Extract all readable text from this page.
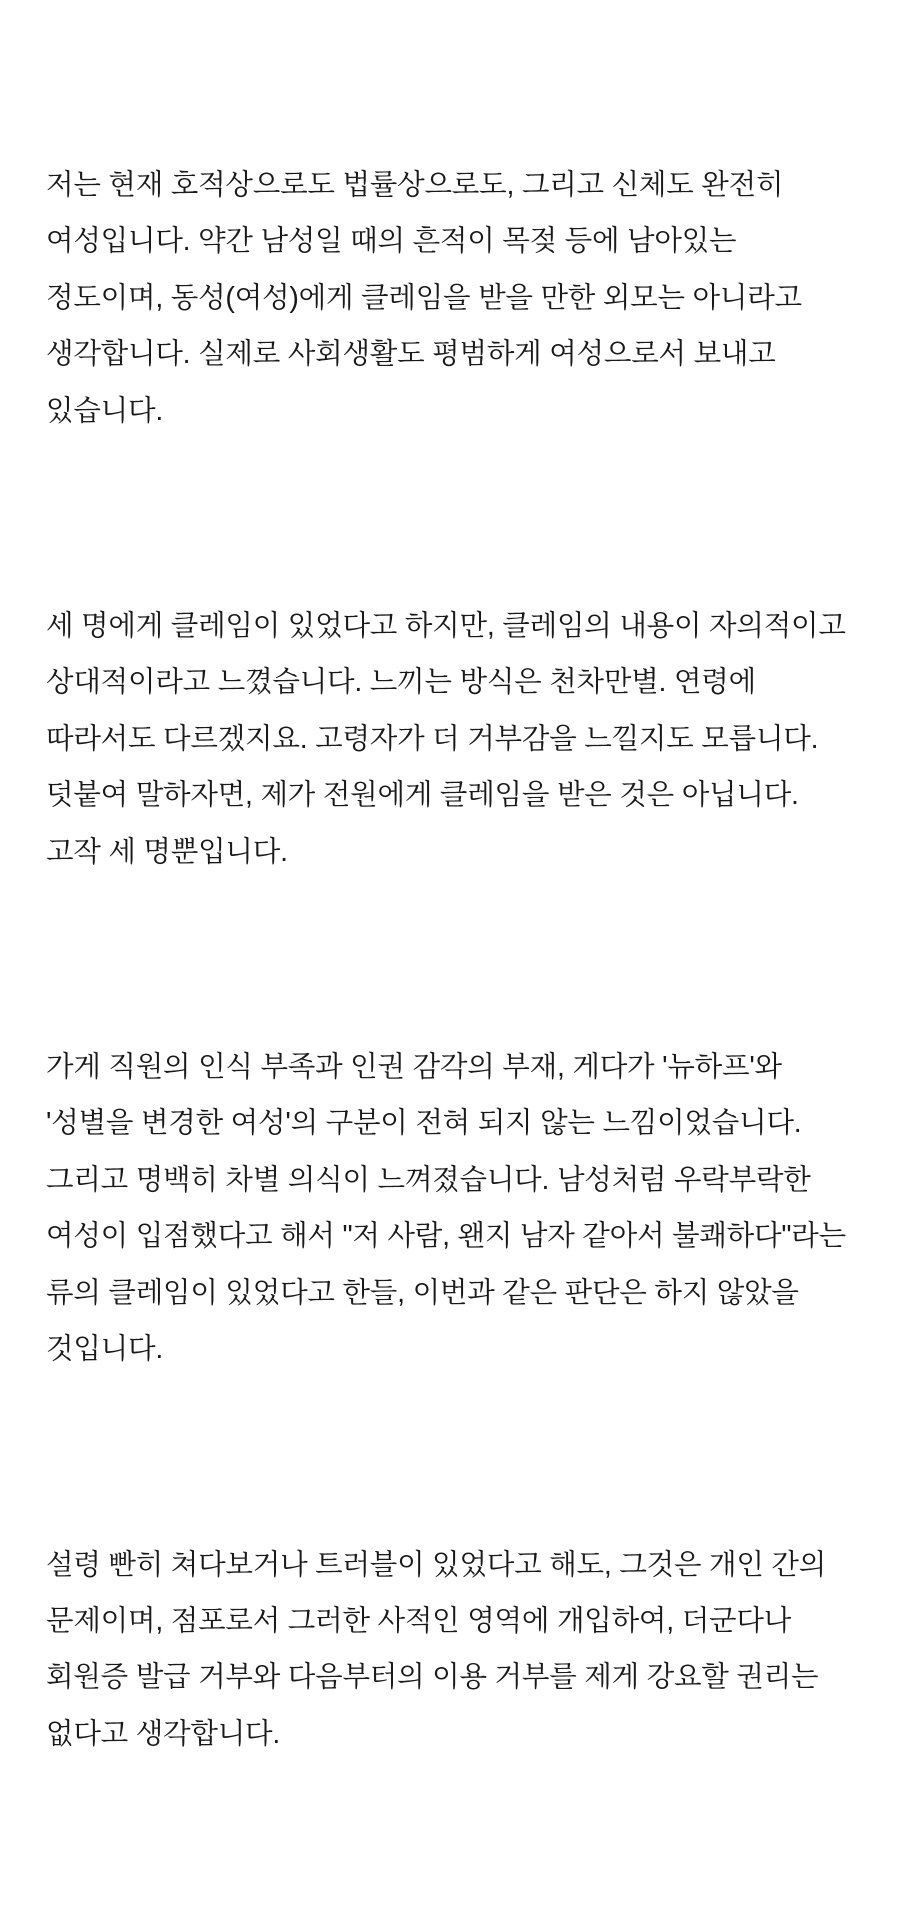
저는 현재 호적상으로도 법률상으로도, 그리고 신체도 완전히 여성입니다. 약간 남성일 때의 흔적이 목젖 등에 남아있는 정도이며, 동성(여성)에게 클레임을 받을 만한 외모는 아니라고 생각합니다. 실제로 사회생활도 평범하게 여성으로서 보내고 있습니다.

세 명에게 클레임이 있었다고 하지만, 클레임의 내용이 자의적이고 상대적이라고 느꼈습니다. 느끼는 방식은 천차만별. 연령에 따라서도 다르겠지요. 고령자가 더 거부감을 느낄지도 모릅니다. 덧붙여 말하자면, 제가 전원에게 클레임을 받은 것은 아닙니다. 고작 세 명뿐입니다.

가게 직원의 인식 부족과 인권 감각의 부재, 게다가 '뉴하프'와 '성별을 변경한 여성'의 구분이 전혀 되지 않는 느낌이었습니다. 그리고 명백히 차별 의식이 느껴졌습니다. 남성처럼 우락부락한 여성이 입점했다고 해서 "저 사람, 왠지 남자 같아서 불쾌하다"라는 류의 클레임이 있었다고 한들, 이번과 같은 판단은 하지 않았을 것입니다.

설령 빤히 쳐다보거나 트러블이 있었다고 해도, 그것은 개인 간의 문제이며, 점포로서 그러한 사적인 영역에 개입하여, 더군다나 회원증 발급 거부와 다음부터의 이용 거부를 제게 강요할 권리는 없다고 생각합니다.
